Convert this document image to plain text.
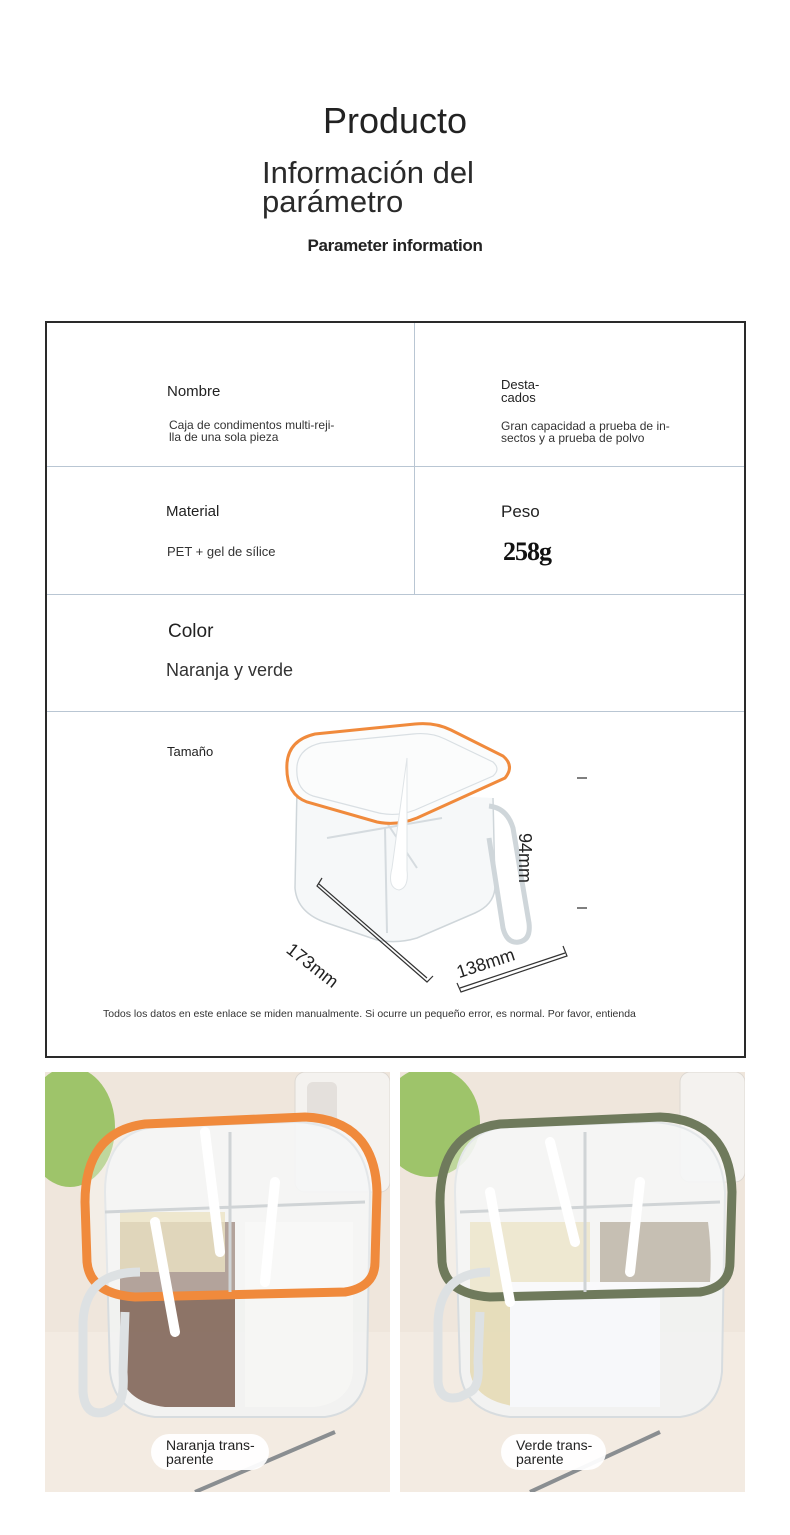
Producto
Información del
parámetro
Parameter information
Nombre
Caja de condimentos multi-reji-
lla de una sola pieza
Desta-
cados
Gran capacidad a prueba de in-
sectos y a prueba de polvo
Material
PET + gel de sílice
Peso
258g
Color
Naranja y verde
Tamaño
94mm
173mm	138mm
Todos los datos en este enlace se miden manualmente. Si ocurre un pequeño error, es normal. Por favor, entienda
Naranja trans-
parente
Verde trans-
parente
